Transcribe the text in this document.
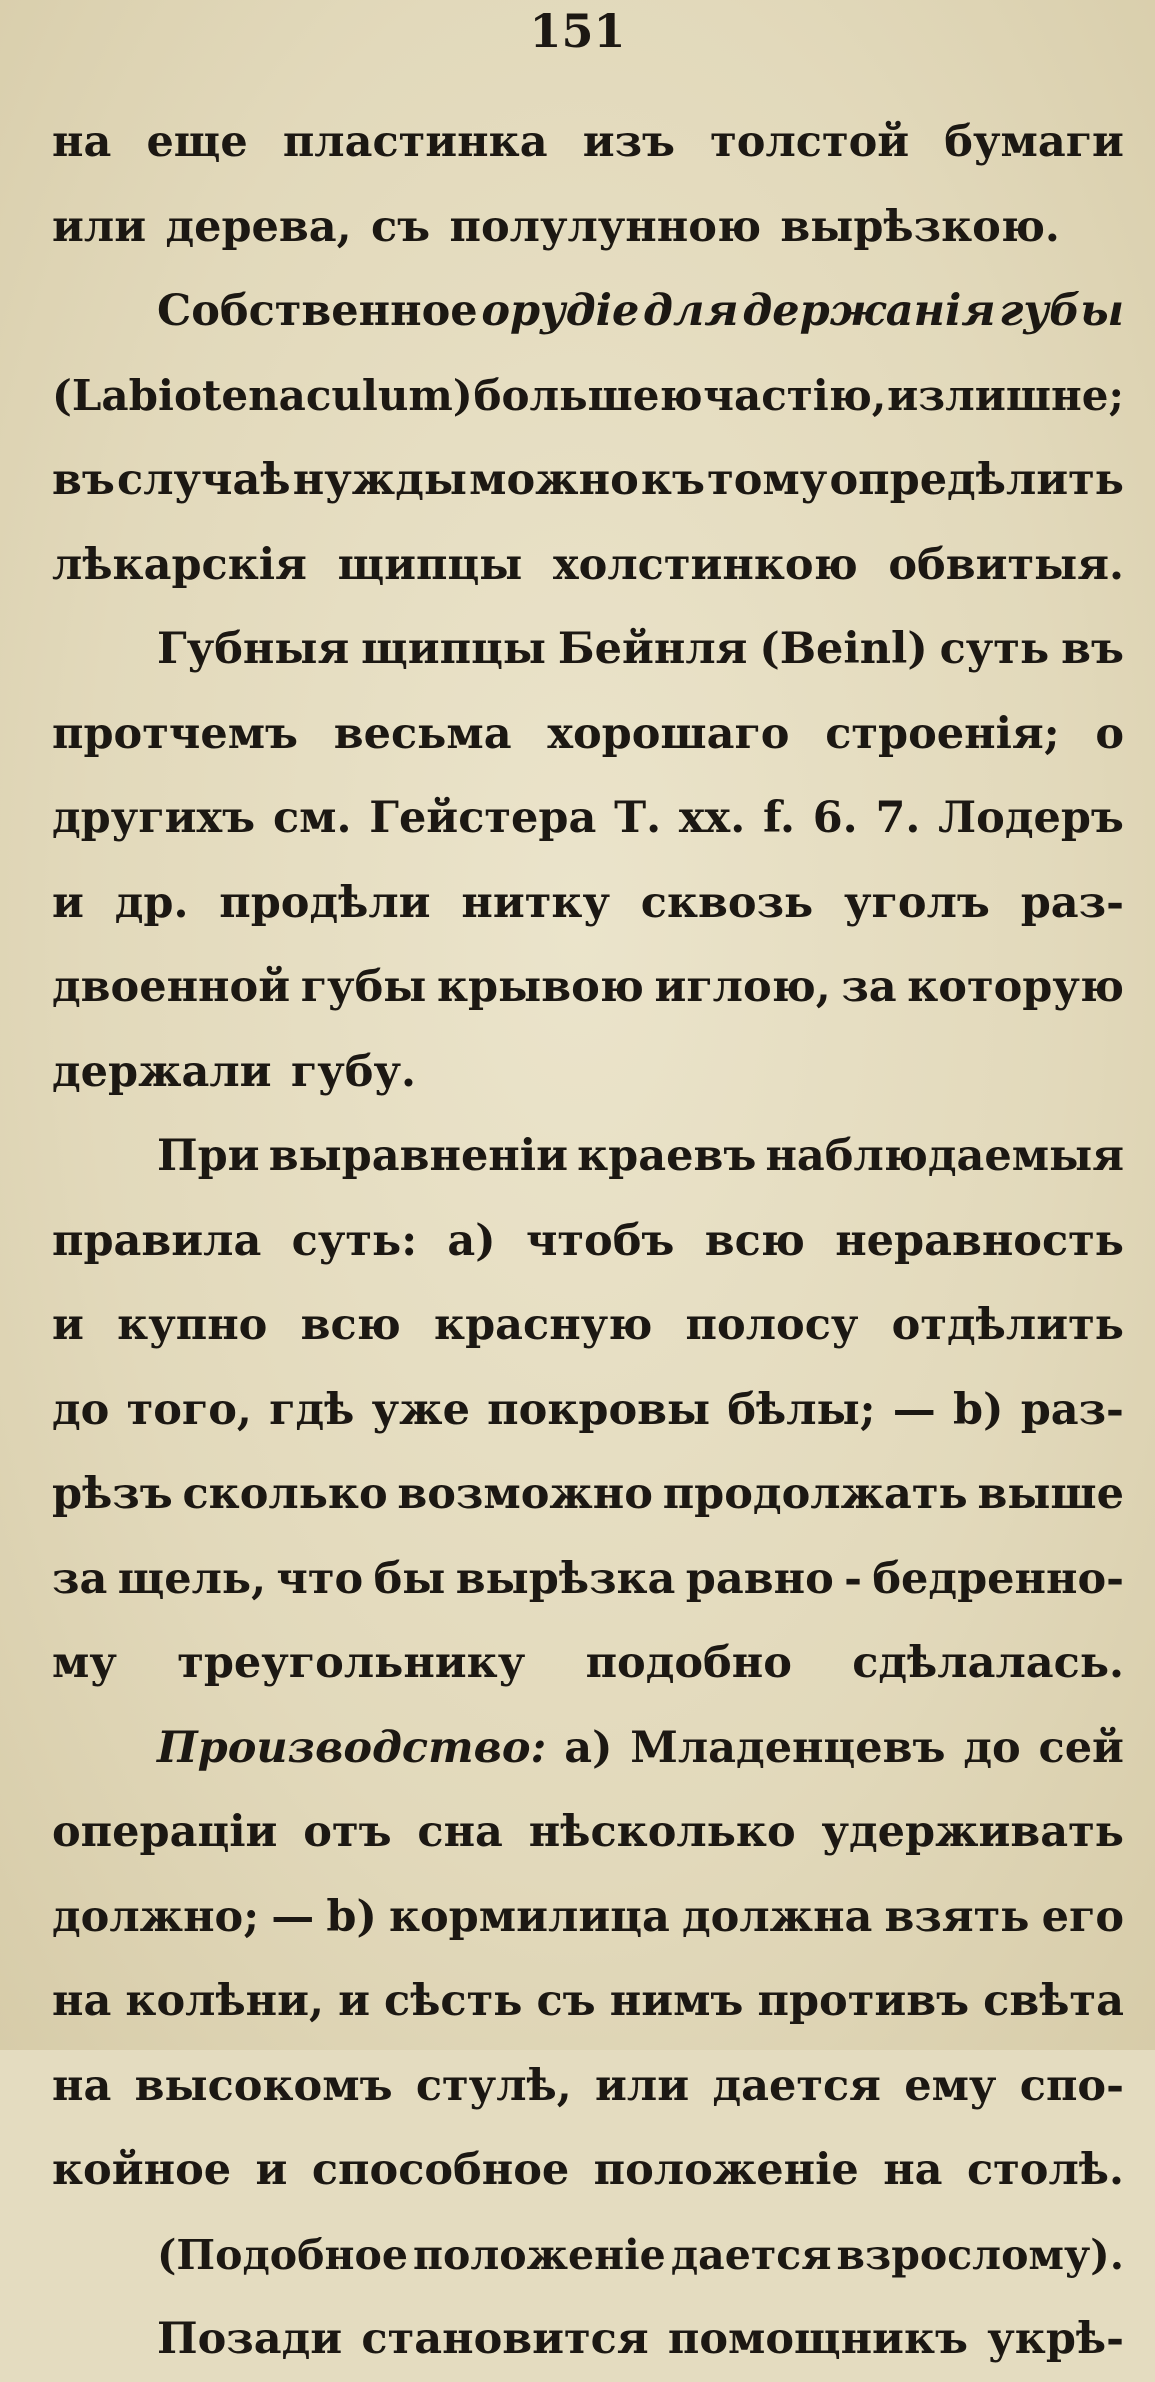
151
на еще пластинка изъ толстой бумаги
или дерева, съ полулунною вырѣзкою.
Собственное орудіе для держанія губы
(Labiotenaculum) большею частію, излишне;
въ случаѣ нужды можно къ тому опредѣлить
лѣкарскія щипцы холстинкою обвитыя.
Губныя щипцы Бейнля (Beinl) суть въ
протчемъ весьма хорошаго строенія; о
другихъ см. Гейстера Т. xx. f. 6. 7. Лодеръ
и др. продѣли нитку сквозь уголъ раз-
двоенной губы крывою иглою, за которую
держали губу.
При выравненіи краевъ наблюдаемыя
правила суть: а) чтобъ всю неравность
и купно всю красную полосу отдѣлить
до того, гдѣ уже покровы бѣлы; — b) раз-
рѣзъ сколько возможно продолжать выше
за щель, что бы вырѣзка равно - бедренно-
му треугольнику подобно сдѣлалась.
Производство: а) Младенцевъ до сей
операціи отъ сна нѣсколько удерживать
должно; — b) кормилица должна взять его
на колѣни, и сѣсть съ нимъ противъ свѣта
на высокомъ стулѣ, или дается ему спо-
койное и способное положеніе на столѣ.
(Подобное положеніе дается взрослому).
Позади становится помощникъ укрѣ-
